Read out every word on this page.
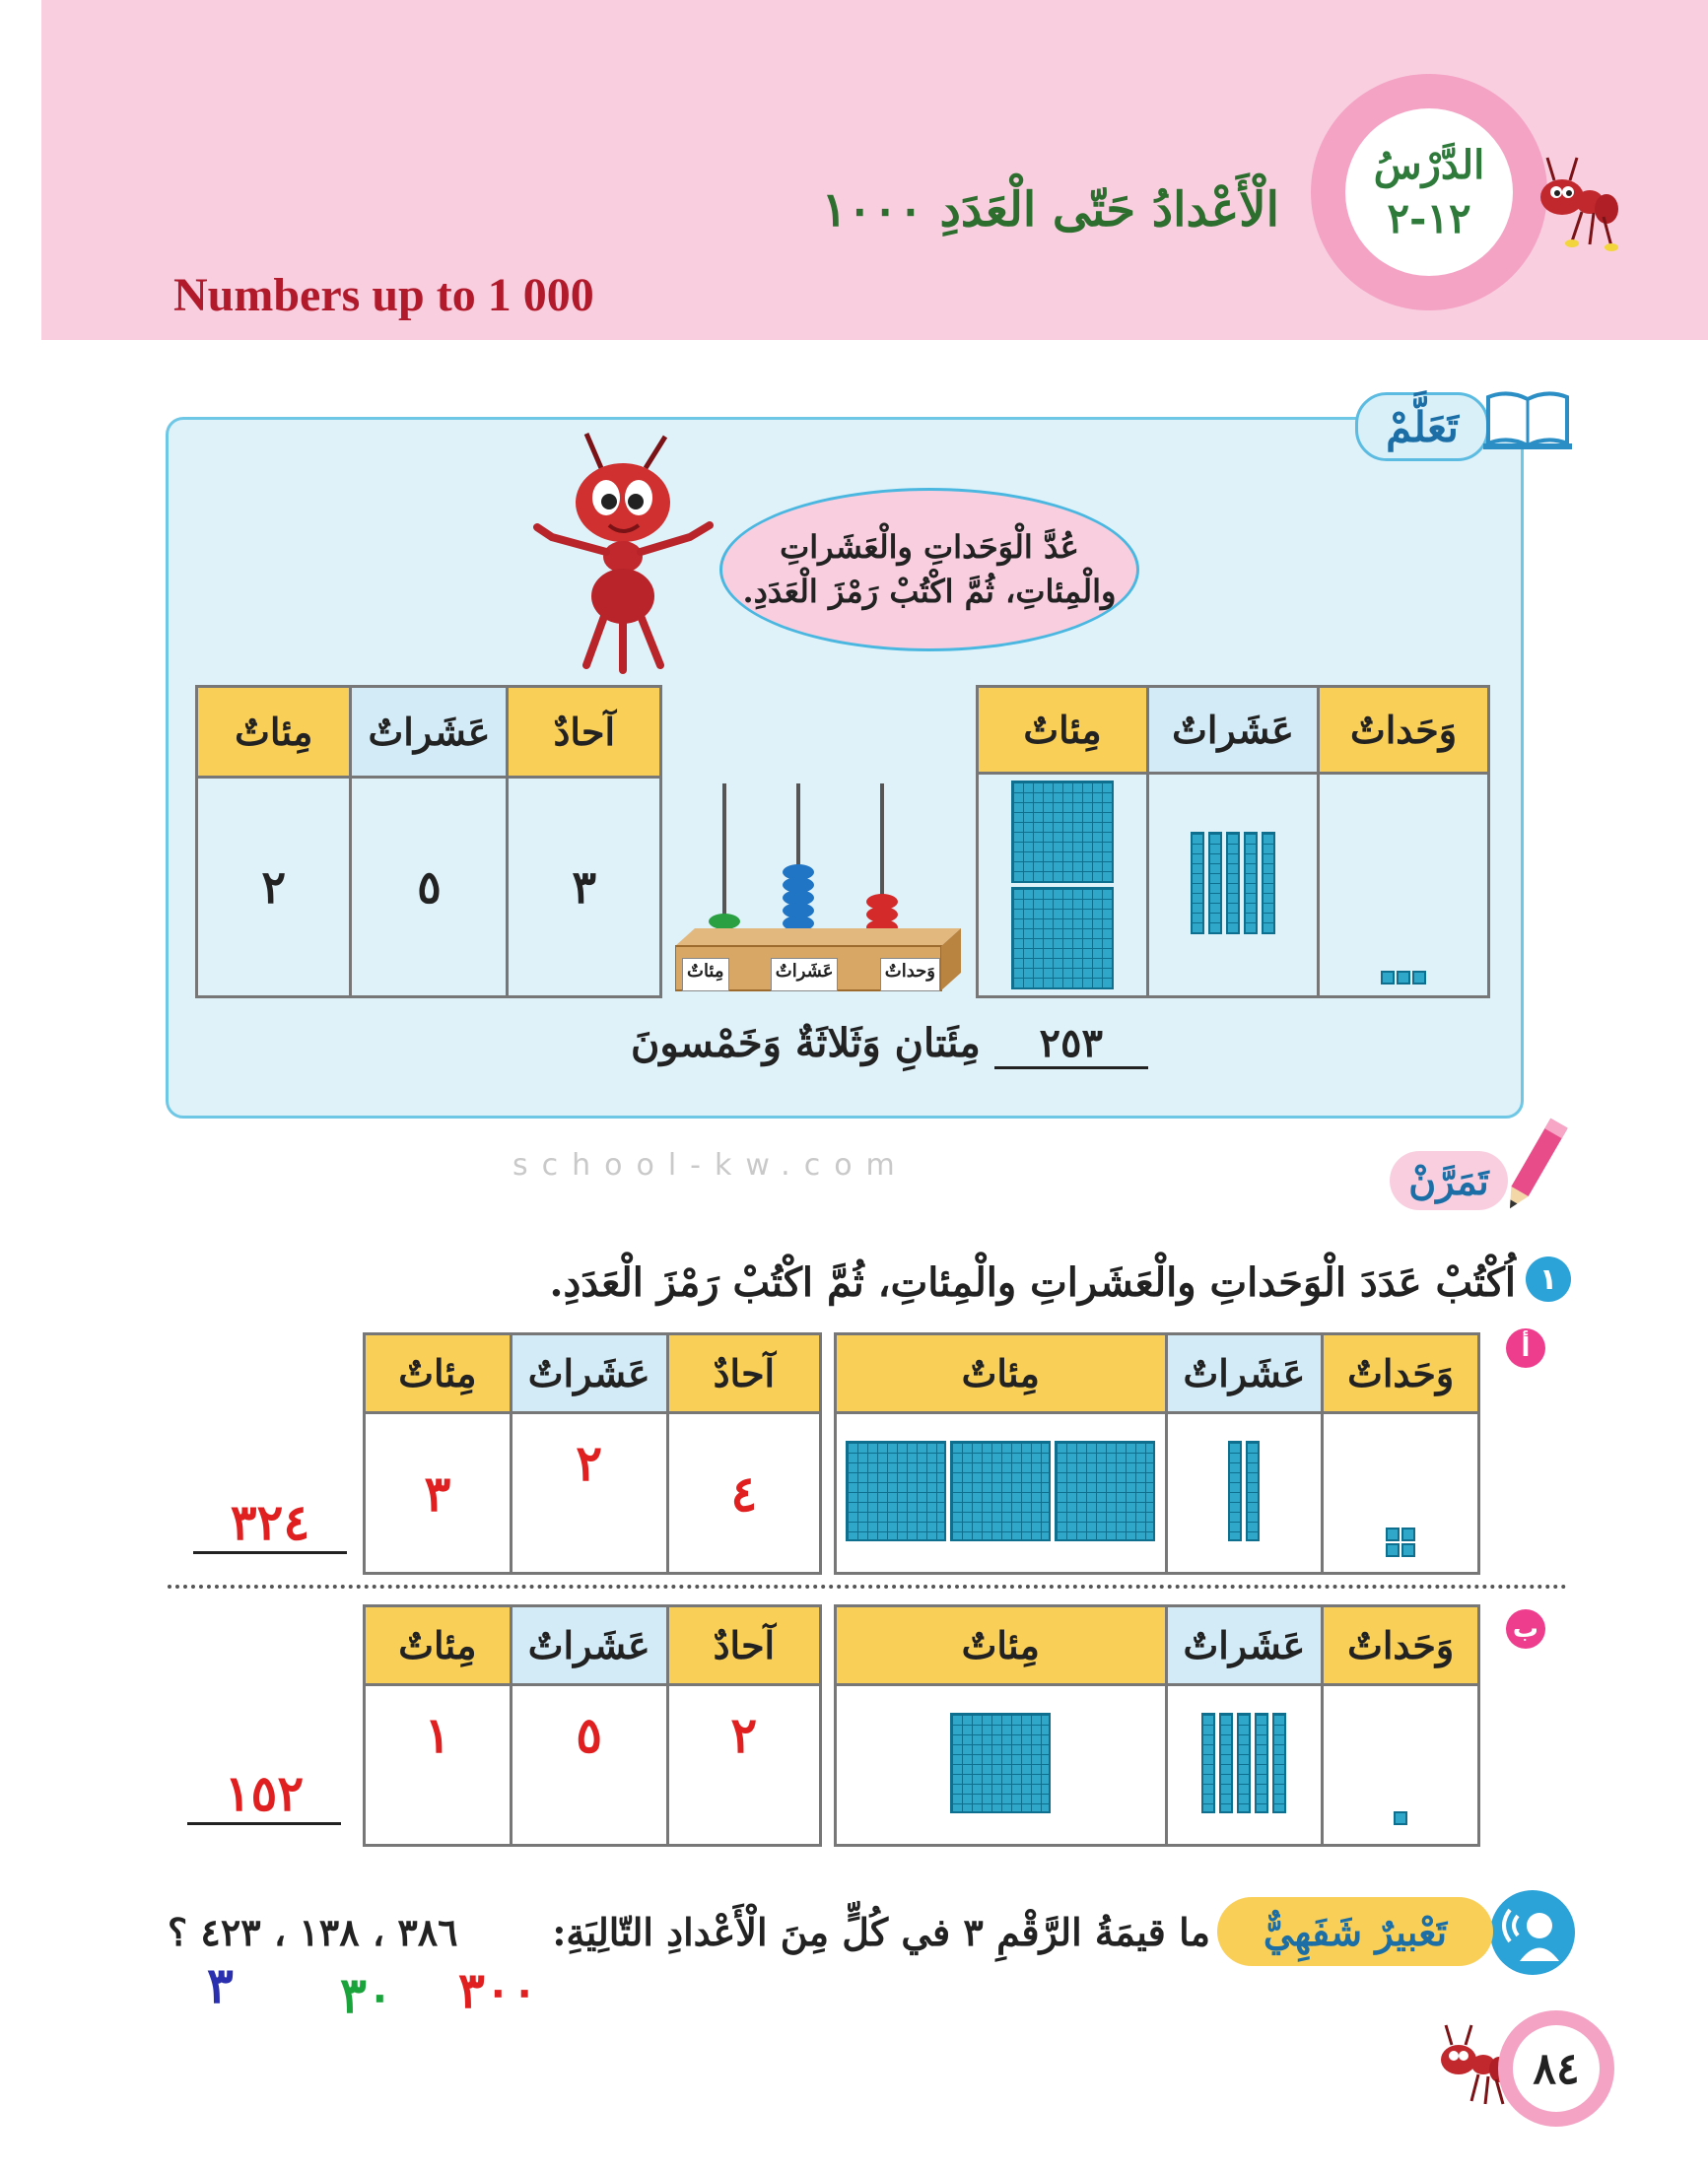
الدَّرْسُ
١٢-٢
الْأَعْدادُ حَتّى الْعَدَدِ ١٠٠٠
Numbers up to 1 000
تَعَلَّمْ
عُدَّ الْوَحَداتِ والْعَشَراتِ
والْمِئاتِ، ثُمَّ اكْتُبْ رَمْزَ الْعَدَدِ.
مِئاتٌ	عَشَراتٌ	وَحَداتٌ

مِئاتٌ	عَشَراتٌ	وَحداتٌ
مِئاتٌ	عَشَراتٌ	آحادٌ
٢	٥	٣
٢٥٣ مِئَتانِ وَثَلاثَةٌ وَخَمْسونَ
school-kw.com	تَمَرَّنْ
١
اُكْتُبْ عَدَدَ الْوَحَداتِ والْعَشَراتِ والْمِئاتِ، ثُمَّ اكْتُبْ رَمْزَ الْعَدَدِ.
أ
مِئاتٌ	عَشَراتٌ	وَحَداتٌ

مِئاتٌ	عَشَراتٌ	آحادٌ
٣	٢	٤
٣٢٤
ب
مِئاتٌ	عَشَراتٌ	وَحَداتٌ

مِئاتٌ	عَشَراتٌ	آحادٌ
١	٥	٢
١٥٢
تَعْبيرٌ شَفَهِيٌّ
ما قيمَةُ الرَّقْمِ ٣ في كُلٍّ مِنَ الْأَعْدادِ التّالِيَةِ:
٣٨٦ ، ١٣٨ ، ٤٢٣ ؟
٣٠٠
٣٠
٣
٨٤
